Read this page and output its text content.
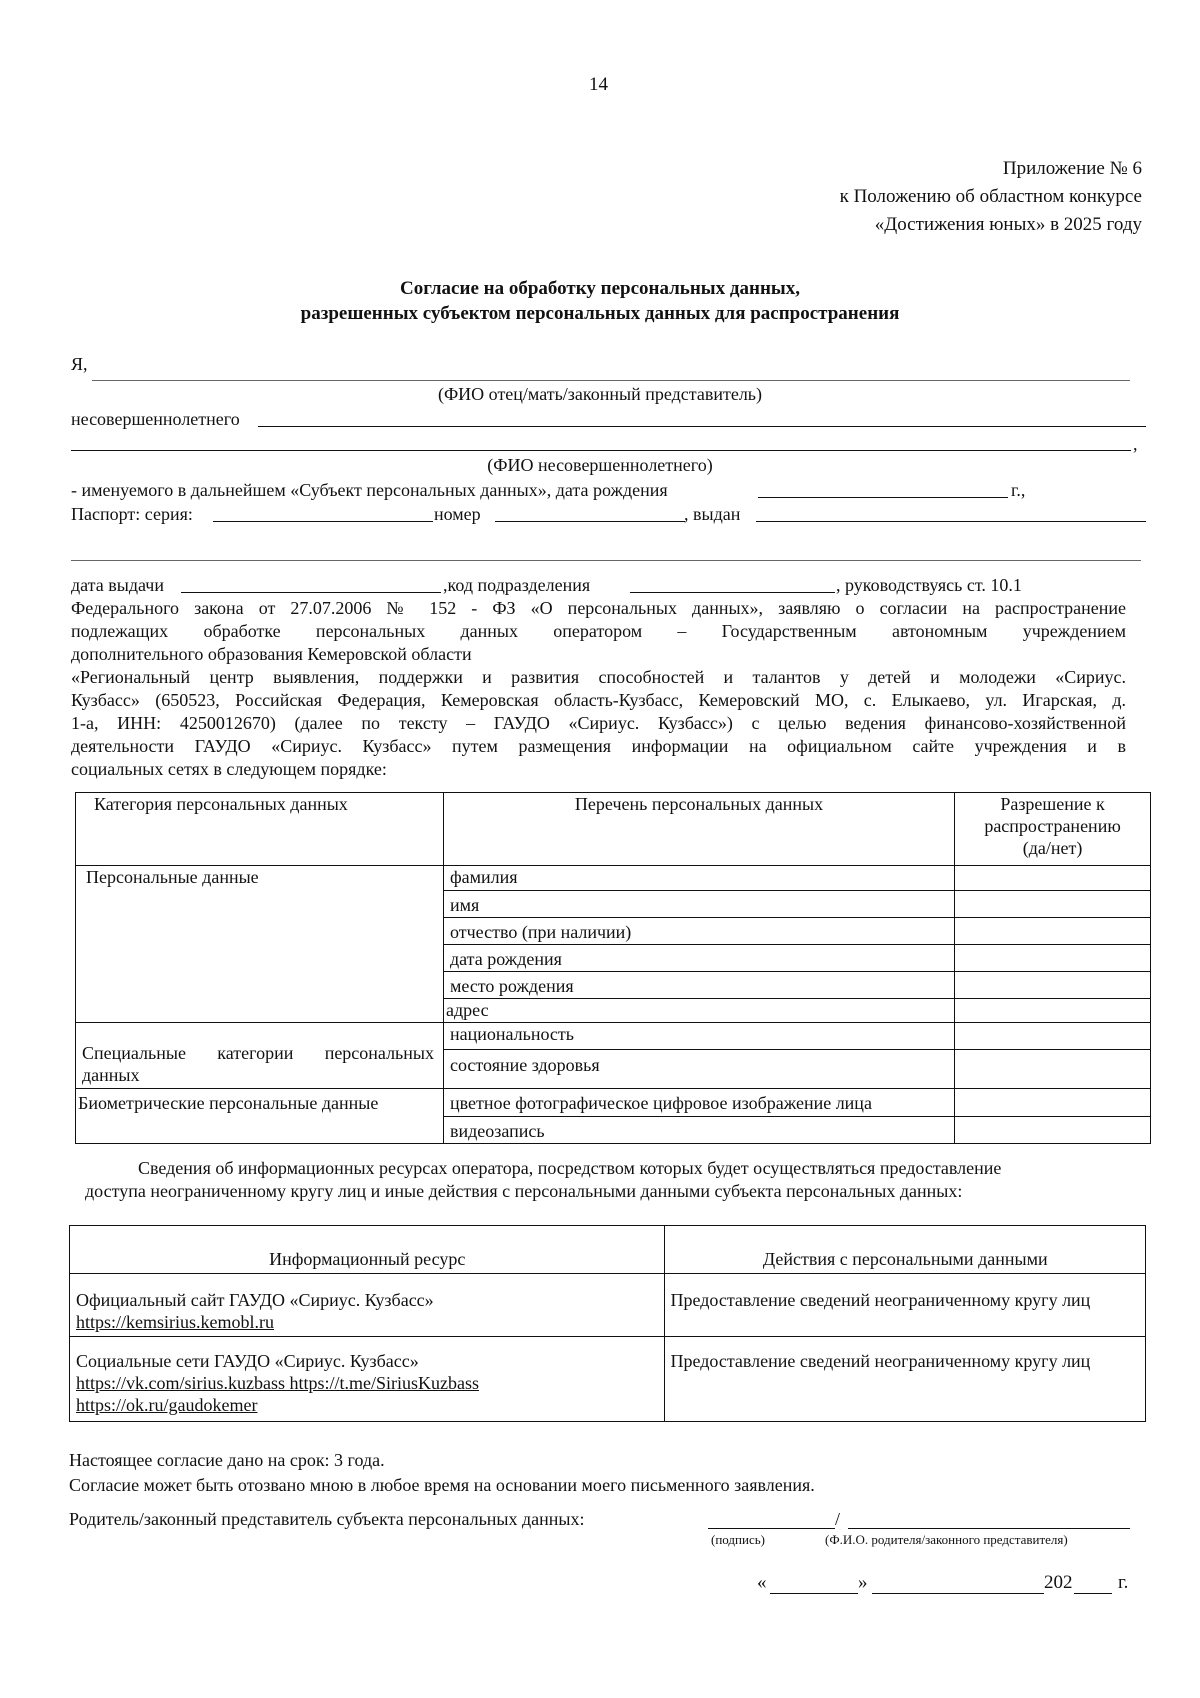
14
Приложение № 6
к Положению об областном конкурсе
«Достижения юных» в 2025 году
Согласие на обработку персональных данных,
разрешенных субъектом персональных данных для распространения
Я,
(ФИО отец/мать/законный представитель)
несовершеннолетнего
,
(ФИО несовершеннолетнего)
- именуемого в дальнейшем «Субъект персональных данных», дата рождения	г.,
Паспорт: серия:	номер	, выдан
дата выдачи	,код подразделения	, руководствуясь ст. 10.1
Федерального закона от 27.07.2006 № 152 - ФЗ «О персональных данных», заявляю о согласии на распространение
подлежащих обработке персональных данных оператором – Государственным автономным учреждением
дополнительного образования Кемеровской области
«Региональный центр выявления, поддержки и развития способностей и талантов у детей и молодежи «Сириус.
Кузбасс» (650523, Российская Федерация, Кемеровская область-Кузбасс, Кемеровский МО, с. Елыкаево, ул. Игарская, д.
1-а, ИНН: 4250012670) (далее по тексту – ГАУДО «Сириус. Кузбасс») с целью ведения финансово-хозяйственной
деятельности ГАУДО «Сириус. Кузбасс» путем размещения информации на официальном сайте учреждения и в
социальных сетях в следующем порядке:
Категория персональных данных	Перечень персональных данных	Разрешение к
распространению
(да/нет)

Персональные данные	фамилия	
	имя	
	отчество (при наличии)	
	дата рождения	
	место рождения	
	адрес	

Специальные категории персональных
данных	национальность	
	состояние здоровья	
Биометрические персональные данные	цветное фотографическое цифровое изображение лица	
	видеозапись	
Сведения об информационных ресурсах оператора, посредством которых будет осуществляться предоставление
доступа неограниченному кругу лиц и иные действия с персональными данными субъекта персональных данных:
Информационный ресурс	Действия с персональными данными

Официальный сайт ГАУДО «Сириус. Кузбасс»
https://kemsirius.kemobl.ru	Предоставление сведений неограниченному кругу лиц

Социальные сети ГАУДО «Сириус. Кузбасс»
https://vk.com/sirius.kuzbass https://t.me/SiriusKuzbass
https://ok.ru/gaudokemer	Предоставление сведений неограниченному кругу лиц
Настоящее согласие дано на срок: 3 года.
Согласие может быть отозвано мною в любое время на основании моего письменного заявления.
Родитель/законный представитель субъекта персональных данных:	/
(подпись)	(Ф.И.О. родителя/законного представителя)
«	»	202 г.
